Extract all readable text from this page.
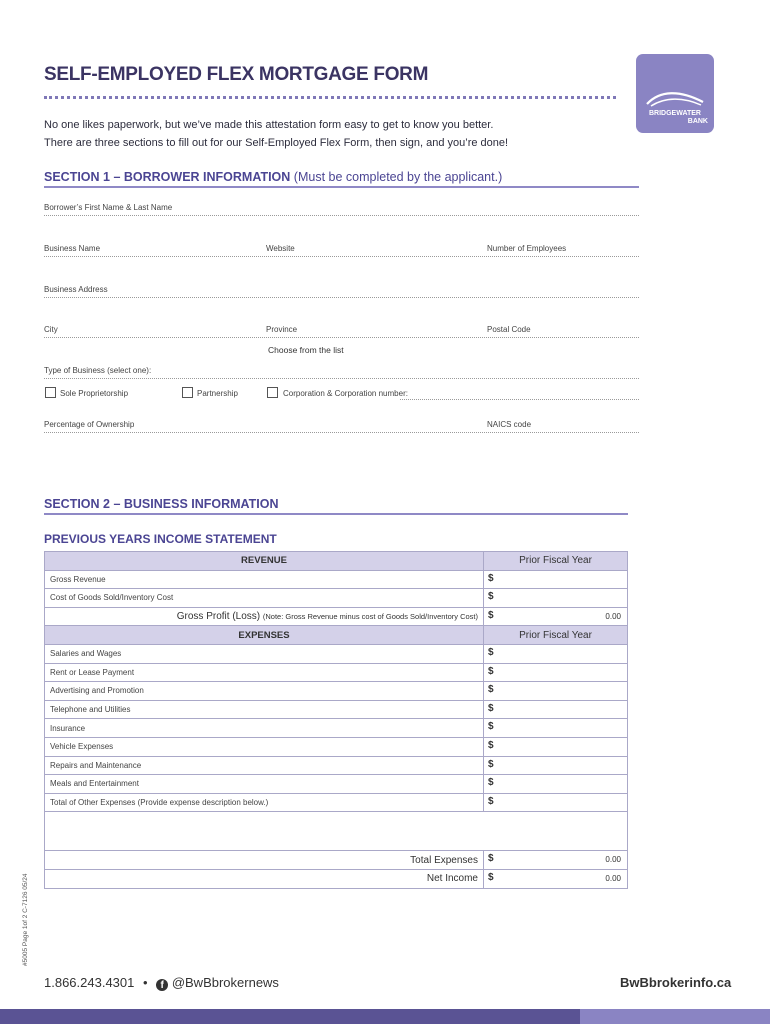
SELF-EMPLOYED FLEX MORTGAGE FORM
BRIDGEWATER
BANK
No one likes paperwork, but we’ve made this attestation form easy to get to know you better.
There are three sections to fill out for our Self-Employed Flex Form, then sign, and you’re done!
SECTION 1 – BORROWER INFORMATION (Must be completed by the applicant.)
Borrower’s First Name & Last Name
Business Name	Website	Number of Employees
Business Address
City	Province	Postal Code
Choose from the list
Type of Business (select one):
Sole Proprietorship	Partnership	Corporation & Corporation number:
Percentage of Ownership	NAICS code
SECTION 2 – BUSINESS INFORMATION
PREVIOUS YEARS INCOME STATEMENT
REVENUE	Prior Fiscal Year
Gross Revenue	$

Cost of Goods Sold/Inventory Cost	$

Gross Profit (Loss) (Note: Gross Revenue minus cost of Goods Sold/Inventory Cost)	$ 0.00

EXPENSES	Prior Fiscal Year
Salaries and Wages	$

Rent or Lease Payment	$

Advertising and Promotion	$

Telephone and Utilities	$

Insurance	$

Vehicle Expenses	$

Repairs and Maintenance	$

Meals and Entertainment	$

Total of Other Expenses (Provide expense description below.)	$

Total Expenses	$ 0.00

Net Income	$ 0.00
#5005 Page 1of 2 C-7126 05/24
1.866.243.4301 • f @BwBbrokernews	BwBbrokerinfo.ca
